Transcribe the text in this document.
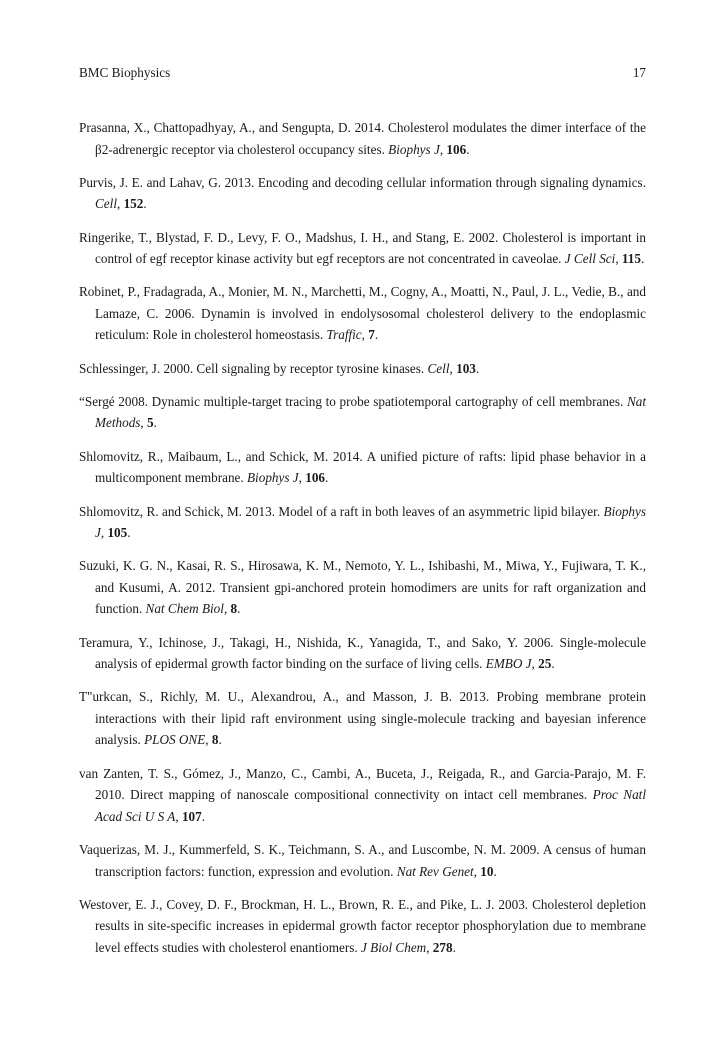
BMC Biophysics	17

Prasanna, X., Chattopadhyay, A., and Sengupta, D. 2014. Cholesterol modulates the dimer interface of the β2-adrenergic receptor via cholesterol occupancy sites. Biophys J, 106.

Purvis, J. E. and Lahav, G. 2013. Encoding and decoding cellular information through signaling dynamics. Cell, 152.

Ringerike, T., Blystad, F. D., Levy, F. O., Madshus, I. H., and Stang, E. 2002. Cholesterol is important in control of egf receptor kinase activity but egf receptors are not concentrated in caveolae. J Cell Sci, 115.

Robinet, P., Fradagrada, A., Monier, M. N., Marchetti, M., Cogny, A., Moatti, N., Paul, J. L., Vedie, B., and Lamaze, C. 2006. Dynamin is involved in endolysosomal cholesterol delivery to the endoplasmic reticulum: Role in cholesterol homeostasis. Traffic, 7.

Schlessinger, J. 2000. Cell signaling by receptor tyrosine kinases. Cell, 103.

“Sergé 2008. Dynamic multiple-target tracing to probe spatiotemporal cartography of cell membranes. Nat Methods, 5.

Shlomovitz, R., Maibaum, L., and Schick, M. 2014. A unified picture of rafts: lipid phase behavior in a multicomponent membrane. Biophys J, 106.

Shlomovitz, R. and Schick, M. 2013. Model of a raft in both leaves of an asymmetric lipid bilayer. Biophys J, 105.

Suzuki, K. G. N., Kasai, R. S., Hirosawa, K. M., Nemoto, Y. L., Ishibashi, M., Miwa, Y., Fujiwara, T. K., and Kusumi, A. 2012. Transient gpi-anchored protein homodimers are units for raft organization and function. Nat Chem Biol, 8.

Teramura, Y., Ichinose, J., Takagi, H., Nishida, K., Yanagida, T., and Sako, Y. 2006. Single-molecule analysis of epidermal growth factor binding on the surface of living cells. EMBO J, 25.

T"urkcan, S., Richly, M. U., Alexandrou, A., and Masson, J. B. 2013. Probing membrane protein interactions with their lipid raft environment using single-molecule tracking and bayesian inference analysis. PLOS ONE, 8.

van Zanten, T. S., Gómez, J., Manzo, C., Cambi, A., Buceta, J., Reigada, R., and Garcia-Parajo, M. F. 2010. Direct mapping of nanoscale compositional connectivity on intact cell membranes. Proc Natl Acad Sci U S A, 107.

Vaquerizas, M. J., Kummerfeld, S. K., Teichmann, S. A., and Luscombe, N. M. 2009. A census of human transcription factors: function, expression and evolution. Nat Rev Genet, 10.

Westover, E. J., Covey, D. F., Brockman, H. L., Brown, R. E., and Pike, L. J. 2003. Cholesterol depletion results in site-specific increases in epidermal growth factor receptor phosphorylation due to membrane level effects studies with cholesterol enantiomers. J Biol Chem, 278.
